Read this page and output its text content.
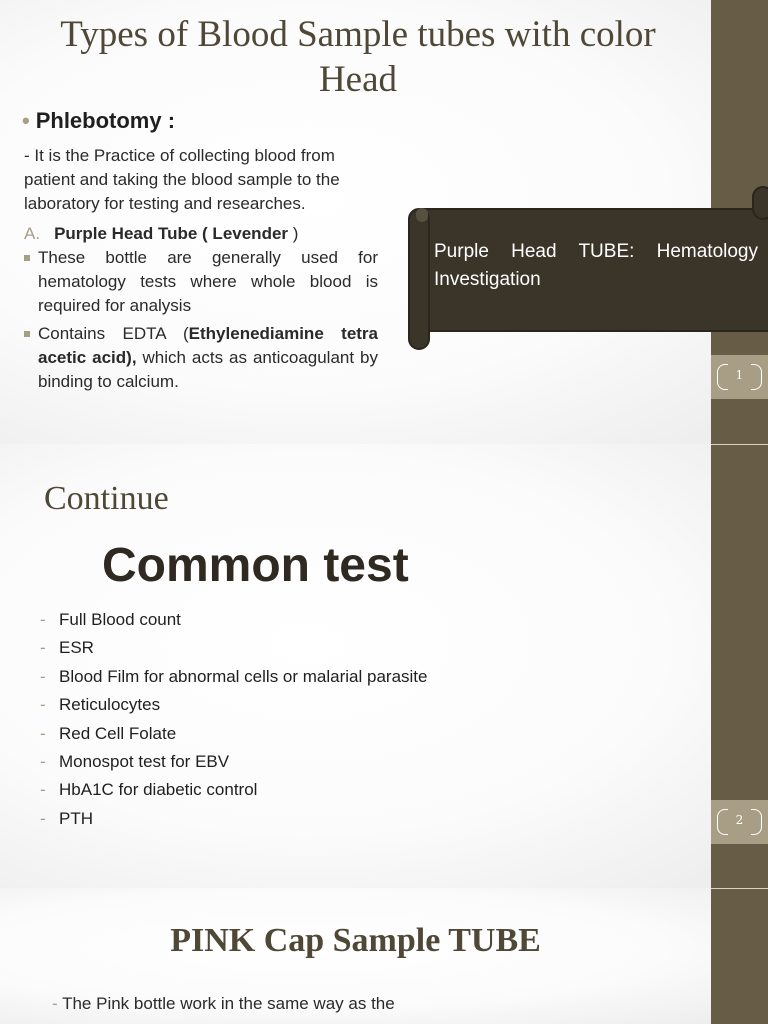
1
Types of Blood Sample tubes with color Head
• Phlebotomy :
- It is the Practice of collecting blood from patient and taking the blood sample to the laboratory for testing and researches.
A. Purple Head Tube ( Levender )
These bottle are generally used for hematology tests where whole blood is required for analysis
Contains EDTA (Ethylenediamine tetra acetic acid), which acts as anticoagulant by binding to calcium.
Purple Head TUBE: Hematology Investigation
2
Continue
Common test
- Full Blood count
- ESR
- Blood Film for abnormal cells or malarial parasite
- Reticulocytes
- Red Cell Folate
- Monospot test for EBV
- HbA1C for diabetic control
- PTH
PINK Cap Sample TUBE
- The Pink bottle work in the same way as the
